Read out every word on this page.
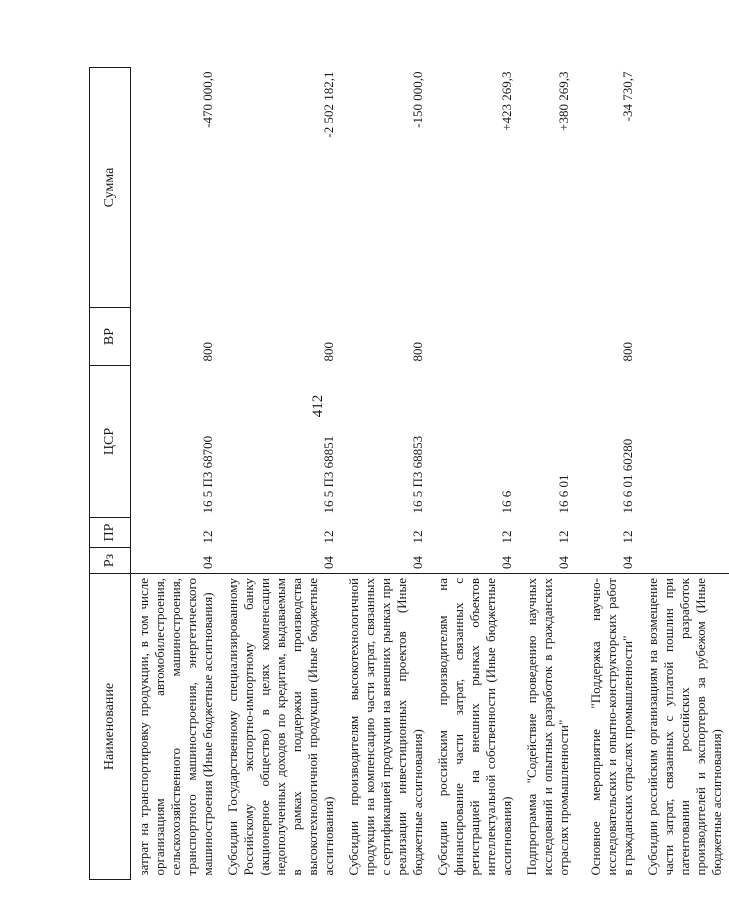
412
Наименование	Рз	ПР	ЦСР	ВР	Сумма
затрат на транспортировку продукции, в том числе организациям автомобилестроения, сельскохозяйственного машиностроения, транспортного машиностроения, энергетического машиностроения (Иные бюджетные ассигнования)	04	12	16 5 П3 68700	800	-470 000,0
Субсидии Государственному специализированному Российскому экспортно-импортному банку (акционерное общество) в целях компенсации недополученных доходов по кредитам, выдаваемым в рамках поддержки производства высокотехнологичной продукции (Иные бюджетные ассигнования)	04	12	16 5 П3 68851	800	-2 502 182,1
Субсидии производителям высокотехнологичной продукции на компенсацию части затрат, связанных с сертификацией продукции на внешних рынках при реализации инвестиционных проектов (Иные бюджетные ассигнования)	04	12	16 5 П3 68853	800	-150 000,0
Субсидии российским производителям на финансирование части затрат, связанных с регистрацией на внешних рынках объектов интеллектуальной собственности (Иные бюджетные ассигнования)	04	12	16 6		+423 269,3
Подпрограмма "Содействие проведению научных исследований и опытных разработок в гражданских отраслях промышленности"	04	12	16 6 01		+380 269,3
Основное мероприятие "Поддержка научно-исследовательских и опытно-конструкторских работ в гражданских отраслях промышленности"	04	12	16 6 01 60280	800	-34 730,7
Субсидии российским организациям на возмещение части затрат, связанных с уплатой пошлин при патентовании российских разработок производителей и экспортеров за рубежом (Иные бюджетные ассигнования)					
